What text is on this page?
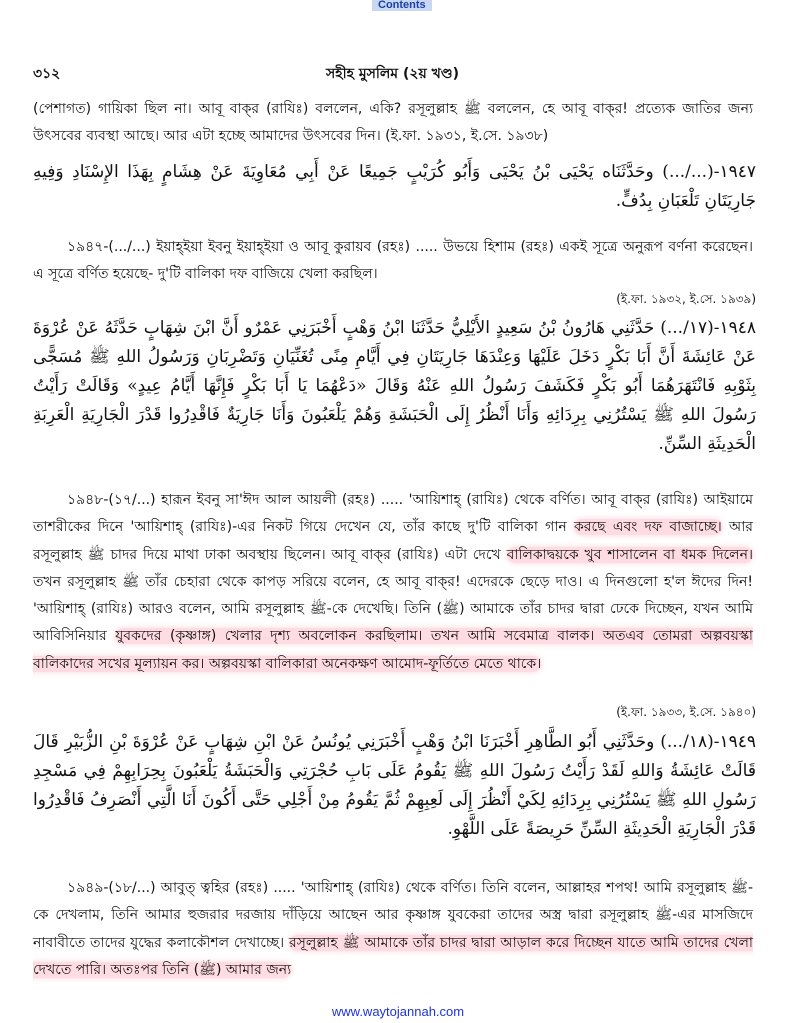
Contents
৩১২	সহীহ মুসলিম (২য় খণ্ড)
(পেশাগত) গায়িকা ছিল না। আবূ বাক্‌র (রাযিঃ) বললেন, একি? রসূলুল্লাহ ﷺ বললেন, হে আবূ বাক্‌র! প্রত্যেক জাতির জন্য উৎসবের ব্যবস্থা আছে। আর এটা হচ্ছে আমাদের উৎসবের দিন। (ই.ফা. ১৯৩১, ই.সে. ১৯৩৮)
١٩٤٧-(.../...) وحَدَّثَنَاه يَحْيَى بْنُ يَحْيَى وَأَبُو كُرَيْبٍ جَمِيعًا عَنْ أَبِي مُعَاوِيَةَ عَنْ هِشَامٍ بِهَذَا الإِسْنَادِ وَفِيهِ جَارِيَتَانِ تَلْعَبَانِ بِدُفٍّ.
১৯৪৭-(.../...) ইয়াহ্‌ইয়া ইবনু ইয়াহ্‌ইয়া ও আবূ কুরায়ব (রহঃ) ..... উভয়ে হিশাম (রহঃ) একই সূত্রে অনুরূপ বর্ণনা করেছেন। এ সূত্রে বর্ণিত হয়েছে- দু'টি বালিকা দফ বাজিয়ে খেলা করছিল।
(ই.ফা. ১৯৩২, ই.সে. ১৯৩৯)
١٩٤٨-(١٧/...) حَدَّثَنِي هَارُونُ بْنُ سَعِيدٍ الأَيْلِيُّ حَدَّثَنَا ابْنُ وَهْبٍ أَخْبَرَنِي عَمْرٌو أَنَّ ابْنَ شِهَابٍ حَدَّثَهُ عَنْ عُرْوَةَ عَنْ عَائِشَةَ أَنَّ أَبَا بَكْرٍ دَخَلَ عَلَيْهَا وَعِنْدَهَا جَارِيَتَانِ فِي أَيَّامِ مِنًى تُغَنِّيَانِ وَتَضْرِبَانِ وَرَسُولُ اللهِ ﷺ مُسَجًّى بِثَوْبِهِ فَانْتَهَرَهُمَا أَبُو بَكْرٍ فَكَشَفَ رَسُولُ اللهِ عَنْهُ وَقَالَ «دَعْهُمَا يَا أَبَا بَكْرٍ فَإِنَّهَا أَيَّامُ عِيدٍ» وَقَالَتْ رَأَيْتُ رَسُولَ اللهِ ﷺ يَسْتُرُنِي بِرِدَائِهِ وَأَنَا أَنْظُرُ إِلَى الْحَبَشَةِ وَهُمْ يَلْعَبُونَ وَأَنَا جَارِيَةٌ فَاقْدِرُوا قَدْرَ الْجَارِيَةِ الْعَرِبَةِ الْحَدِيثَةِ السِّنِّ.
১৯৪৮-(১৭/...) হারূন ইবনু সা'ঈদ আল আয়লী (রহঃ) ..... 'আয়িশাহ্‌ (রাযিঃ) থেকে বর্ণিত। আবূ বাক্‌র (রাযিঃ) আইয়ামে তাশরীকের দিনে 'আয়িশাহ্‌ (রাযিঃ)-এর নিকট গিয়ে দেখেন যে, তাঁর কাছে দু'টি বালিকা গান করছে এবং দফ বাজাচ্ছে। আর রসূলুল্লাহ ﷺ চাদর দিয়ে মাথা ঢাকা অবস্থায় ছিলেন। আবূ বাক্‌র (রাযিঃ) এটা দেখে বালিকাদ্বয়কে খুব শাসালেন বা ধমক দিলেন। তখন রসূলুল্লাহ ﷺ তাঁর চেহারা থেকে কাপড় সরিয়ে বলেন, হে আবূ বাক্‌র! এদেরকে ছেড়ে দাও। এ দিনগুলো হ'ল ঈদের দিন! 'আয়িশাহ্‌ (রাযিঃ) আরও বলেন, আমি রসূলুল্লাহ ﷺ-কে দেখেছি। তিনি (ﷺ) আমাকে তাঁর চাদর দ্বারা ঢেকে দিচ্ছেন, যখন আমি আবিসিনিয়ার যুবকদের (কৃষ্ণাঙ্গ) খেলার দৃশ্য অবলোকন করছিলাম। তখন আমি সবেমাত্র বালক। অতএব তোমরা অল্পবয়স্কা বালিকাদের সখের মূল্যায়ন কর। অল্পবয়স্কা বালিকারা অনেকক্ষণ আমোদ-ফূর্তিতে মেতে থাকে।
(ই.ফা. ১৯৩৩, ই.সে. ১৯৪০)
١٩٤٩-(١٨/...) وحَدَّثَنِي أَبُو الطَّاهِرِ أَخْبَرَنَا ابْنُ وَهْبٍ أَخْبَرَنِي يُونُسُ عَنْ ابْنِ شِهَابٍ عَنْ عُرْوَةَ بْنِ الزُّبَيْرِ قَالَ قَالَتْ عَائِشَةُ وَاللهِ لَقَدْ رَأَيْتُ رَسُولَ اللهِ ﷺ يَقُومُ عَلَى بَابِ حُجْرَتِي وَالْحَبَشَةُ يَلْعَبُونَ بِحِرَابِهِمْ فِي مَسْجِدِ رَسُولِ اللهِ ﷺ يَسْتُرُنِي بِرِدَائِهِ لِكَيْ أَنْظُرَ إِلَى لَعِبِهِمْ ثُمَّ يَقُومُ مِنْ أَجْلِي حَتَّى أَكُونَ أَنَا الَّتِي أَنْصَرِفُ فَاقْدِرُوا قَدْرَ الْجَارِيَةِ الْحَدِيثَةِ السِّنِّ حَرِيصَةً عَلَى اللَّهْوِ.
১৯৪৯-(১৮/...) আবুত্‌ ত্বহির (রহঃ) ..... 'আয়িশাহ্‌ (রাযিঃ) থেকে বর্ণিত। তিনি বলেন, আল্লাহর শপথ! আমি রসূলুল্লাহ ﷺ-কে দেখলাম, তিনি আমার হুজরার দরজায় দাঁড়িয়ে আছেন আর কৃষ্ণাঙ্গ যুবকেরা তাদের অস্ত্র দ্বারা রসূলুল্লাহ ﷺ-এর মাসজিদে নাবাবীতে তাদের যুদ্ধের কলাকৌশল দেখাচ্ছে। রসূলুল্লাহ ﷺ আমাকে তাঁর চাদর দ্বারা আড়াল করে দিচ্ছেন যাতে আমি তাদের খেলা দেখতে পারি। অতঃপর তিনি (ﷺ) আমার জন্য
www.waytojannah.com
